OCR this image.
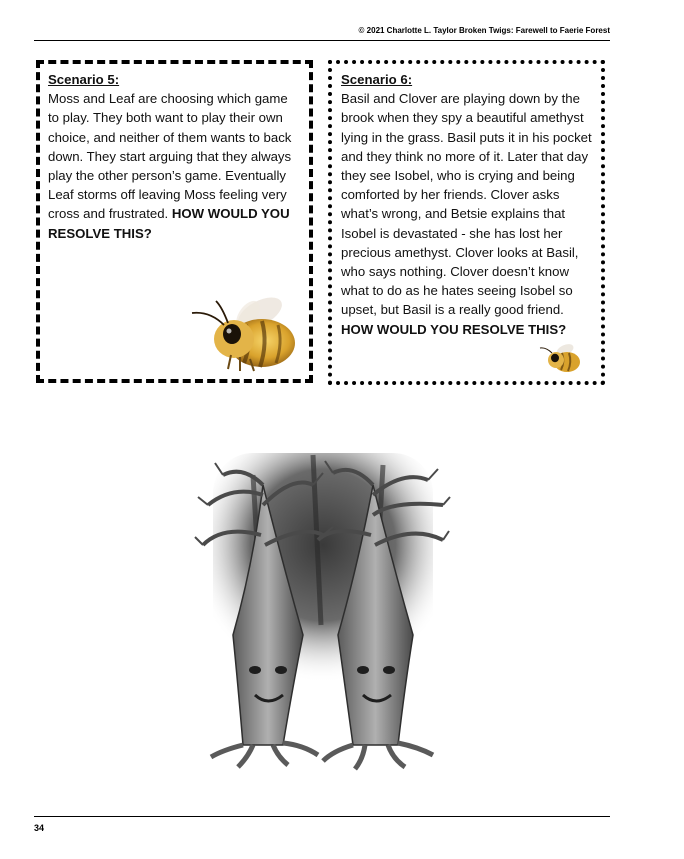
© 2021 Charlotte L. Taylor Broken Twigs: Farewell to Faerie Forest
Scenario 5:

Moss and Leaf are choosing which game to play. They both want to play their own choice, and neither of them wants to back down. They start arguing that they always play the other person’s game. Eventually Leaf storms off leaving Moss feeling very cross and frustrated. HOW WOULD YOU RESOLVE THIS?

Scenario 6:

Basil and Clover are playing down by the brook when they spy a beautiful amethyst lying in the grass. Basil puts it in his pocket and they think no more of it. Later that day they see Isobel, who is crying and being comforted by her friends. Clover asks what’s wrong, and Betsie explains that Isobel is devastated - she has lost her precious amethyst. Clover looks at Basil, who says nothing. Clover doesn’t know what to do as he hates seeing Isobel so upset, but Basil is a really good friend. HOW WOULD YOU RESOLVE THIS?

34
